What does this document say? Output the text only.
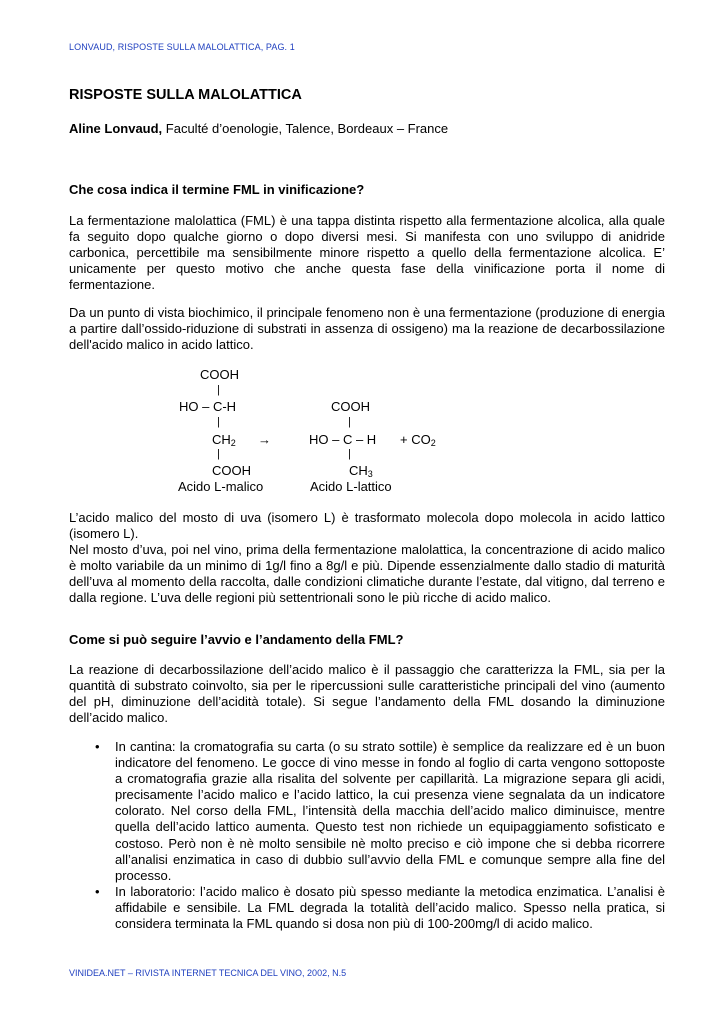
LONVAUD, RISPOSTE SULLA MALOLATTICA, PAG. 1
RISPOSTE SULLA MALOLATTICA
Aline Lonvaud, Faculté d’oenologie, Talence, Bordeaux – France

Che cosa indica il termine FML in vinificazione?

La fermentazione malolattica (FML) è una tappa distinta rispetto alla fermentazione alcolica, alla quale fa seguito dopo qualche giorno o dopo diversi mesi. Si manifesta con uno sviluppo di anidride carbonica, percettibile ma sensibilmente minore rispetto a quello della fermentazione alcolica. E’ unicamente per questo motivo che anche questa fase della vinificazione porta il nome di fermentazione.

Da un punto di vista biochimico, il principale fenomeno non è una fermentazione (produzione di energia a partire dall’ossido-riduzione di substrati in assenza di ossigeno) ma la reazione de decarbossilazione dell'acido malico in acido lattico.

COOH
|
HO – C-H
|
$CH_2$ →
|
COOH
Acido L-malico
COOH
|
HO – C – H
|
$CH_3$
Acido L-lattico
+ $CO_2$

L’acido malico del mosto di uva (isomero L) è trasformato molecola dopo molecola in acido lattico (isomero L).

Nel mosto d’uva, poi nel vino, prima della fermentazione malolattica, la concentrazione di acido malico è molto variabile da un minimo di 1g/l fino a 8g/l e più. Dipende essenzialmente dallo stadio di maturità dell’uva al momento della raccolta, dalle condizioni climatiche durante l’estate, dal vitigno, dal terreno e dalla regione. L’uva delle regioni più settentrionali sono le più ricche di acido malico.

Come si può seguire l’avvio e l’andamento della FML?

La reazione di decarbossilazione dell’acido malico è il passaggio che caratterizza la FML, sia per la quantità di substrato coinvolto, sia per le ripercussioni sulle caratteristiche principali del vino (aumento del pH, diminuzione dell’acidità totale). Si segue l’andamento della FML dosando la diminuzione dell’acido malico.

• In cantina: la cromatografia su carta (o su strato sottile) è semplice da realizzare ed è un buon indicatore del fenomeno. Le gocce di vino messe in fondo al foglio di carta vengono sottoposte a cromatografia grazie alla risalita del solvente per capillarità. La migrazione separa gli acidi, precisamente l’acido malico e l’acido lattico, la cui presenza viene segnalata da un indicatore colorato. Nel corso della FML, l’intensità della macchia dell’acido malico diminuisce, mentre quella dell’acido lattico aumenta. Questo test non richiede un equipaggiamento sofisticato e costoso. Però non è nè molto sensibile nè molto preciso e ciò impone che si debba ricorrere all’analisi enzimatica in caso di dubbio sull’avvio della FML e comunque sempre alla fine del processo.
• In laboratorio: l’acido malico è dosato più spesso mediante la metodica enzimatica. L’analisi è affidabile e sensibile. La FML degrada la totalità dell’acido malico. Spesso nella pratica, si considera terminata la FML quando si dosa non più di 100-200mg/l di acido malico.
VINIDEA.NET – RIVISTA INTERNET TECNICA DEL VINO, 2002, N.5
